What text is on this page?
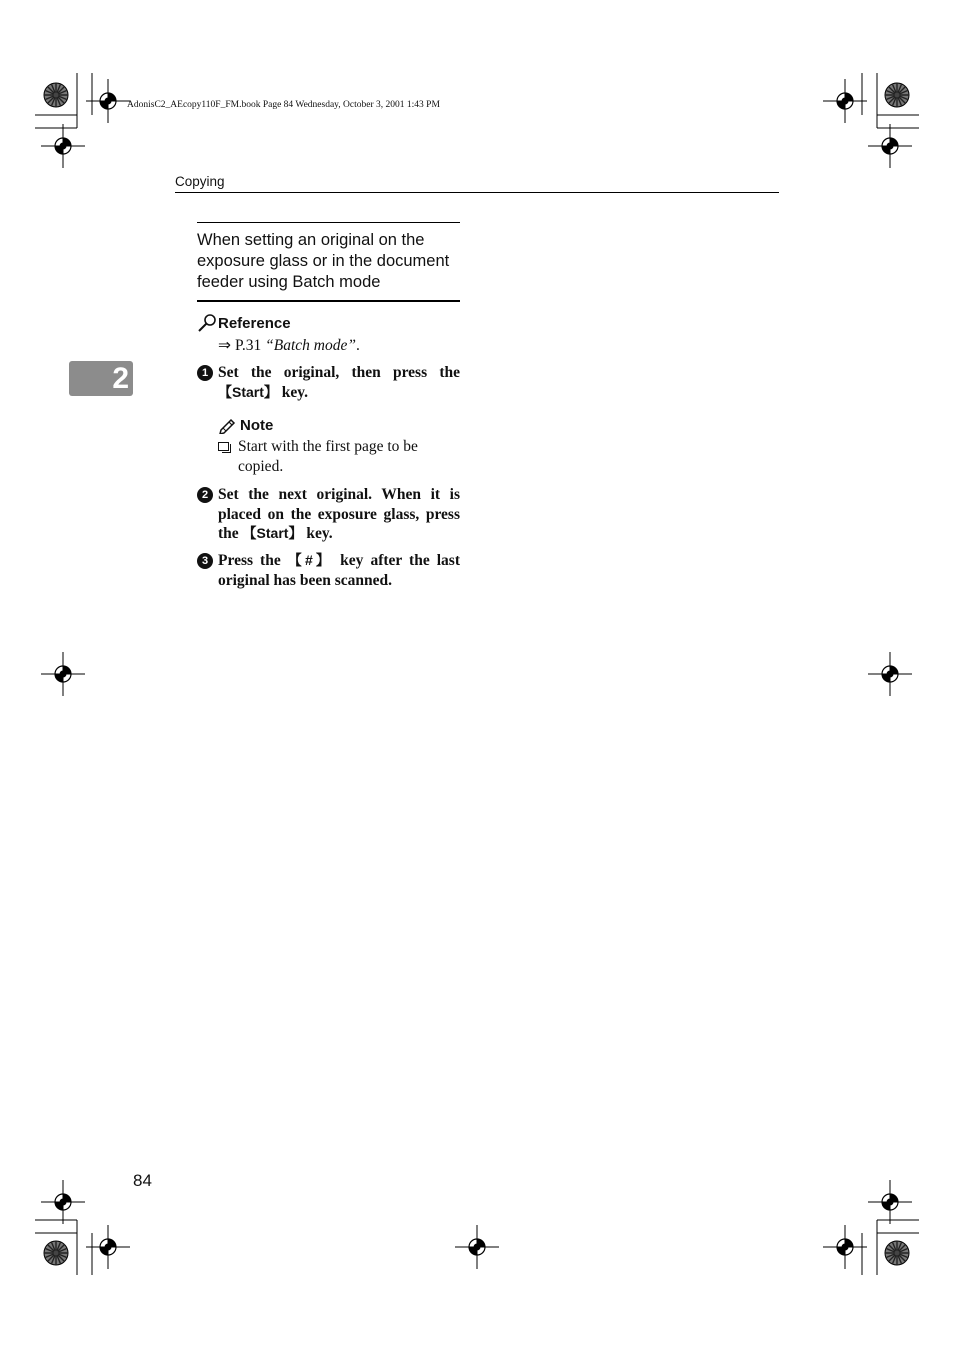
AdonisC2_AEcopy110F_FM.book Page 84 Wednesday, October 3, 2001 1:43 PM
Copying
2
When setting an original on the exposure glass or in the document feeder using Batch mode
Reference
⇒ P.31 “Batch mode”.
1 Set the original, then press the 【Start】 key.
Note
Start with the first page to be copied.
2 Set the next original. When it is placed on the exposure glass, press the 【Start】 key.
3 Press the 【#】 key after the last original has been scanned.
84
